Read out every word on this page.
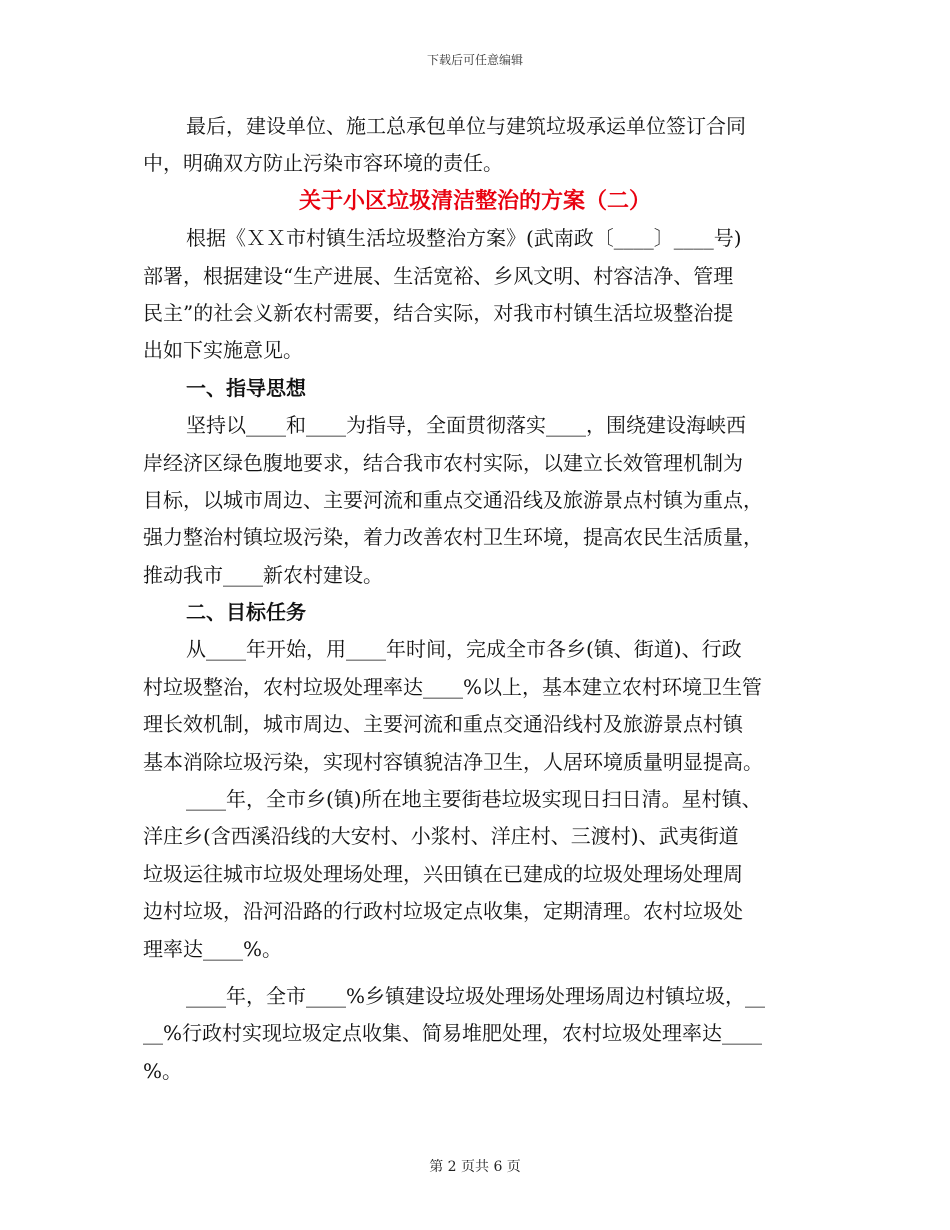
下载后可任意编辑
最后，建设单位、施工总承包单位与建筑垃圾承运单位签订合同
中，明确双方防止污染市容环境的责任。
关于小区垃圾清洁整治的方案（二）
根据《ＸＸ市村镇生活垃圾整治方案》(武南政〔____〕____号)
部署，根据建设“生产进展、生活宽裕、乡风文明、村容洁净、管理
民主”的社会义新农村需要，结合实际，对我市村镇生活垃圾整治提
出如下实施意见。
一、指导思想
坚持以____和____为指导，全面贯彻落实____，围绕建设海峡西
岸经济区绿色腹地要求，结合我市农村实际，以建立长效管理机制为
目标，以城市周边、主要河流和重点交通沿线及旅游景点村镇为重点，
强力整治村镇垃圾污染，着力改善农村卫生环境，提高农民生活质量，
推动我市____新农村建设。
二、目标任务
从____年开始，用____年时间，完成全市各乡(镇、街道)、行政
村垃圾整治，农村垃圾处理率达____%以上，基本建立农村环境卫生管
理长效机制，城市周边、主要河流和重点交通沿线村及旅游景点村镇
基本消除垃圾污染，实现村容镇貌洁净卫生，人居环境质量明显提高。
____年，全市乡(镇)所在地主要街巷垃圾实现日扫日清。星村镇、
洋庄乡(含西溪沿线的大安村、小浆村、洋庄村、三渡村)、武夷街道
垃圾运往城市垃圾处理场处理，兴田镇在已建成的垃圾处理场处理周
边村垃圾，沿河沿路的行政村垃圾定点收集，定期清理。农村垃圾处
理率达____%。
____年，全市____%乡镇建设垃圾处理场处理场周边村镇垃圾，__
__%行政村实现垃圾定点收集、简易堆肥处理，农村垃圾处理率达____
%。
第 2 页共 6 页
